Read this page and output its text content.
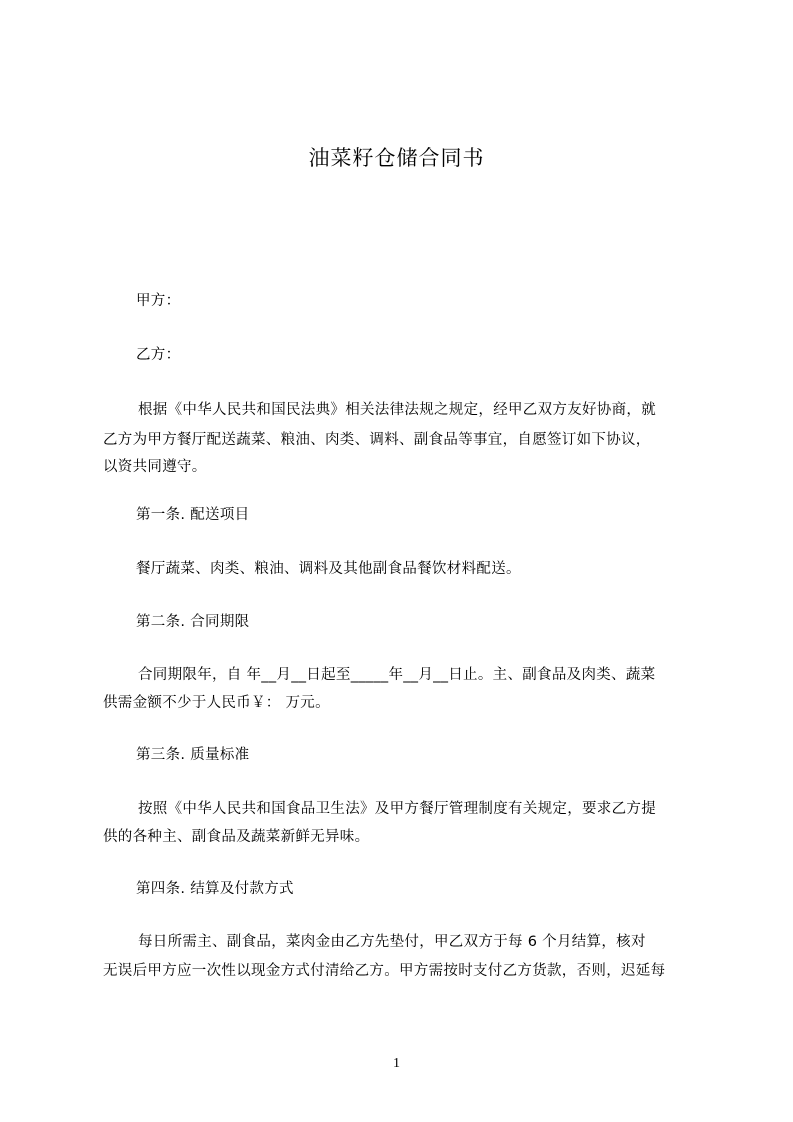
油菜籽仓储合同书
甲方：
乙方：
根据《中华人民共和国民法典》相关法律法规之规定，经甲乙双方友好协商，就
乙方为甲方餐厅配送蔬菜、粮油、肉类、调料、副食品等事宜，自愿签订如下协议，
以资共同遵守。
第一条. 配送项目
餐厅蔬菜、肉类、粮油、调料及其他副食品餐饮材料配送。
第二条. 合同期限
合同期限年，自 年__月__日起至_____年__月__日止。主、副食品及肉类、蔬菜
供需金额不少于人民币￥： 万元。
第三条. 质量标准
按照《中华人民共和国食品卫生法》及甲方餐厅管理制度有关规定，要求乙方提
供的各种主、副食品及蔬菜新鲜无异味。
第四条. 结算及付款方式
每日所需主、副食品，菜肉金由乙方先垫付，甲乙双方于每 6 个月结算，核对
无误后甲方应一次性以现金方式付清给乙方。甲方需按时支付乙方货款，否则，迟延每
1
